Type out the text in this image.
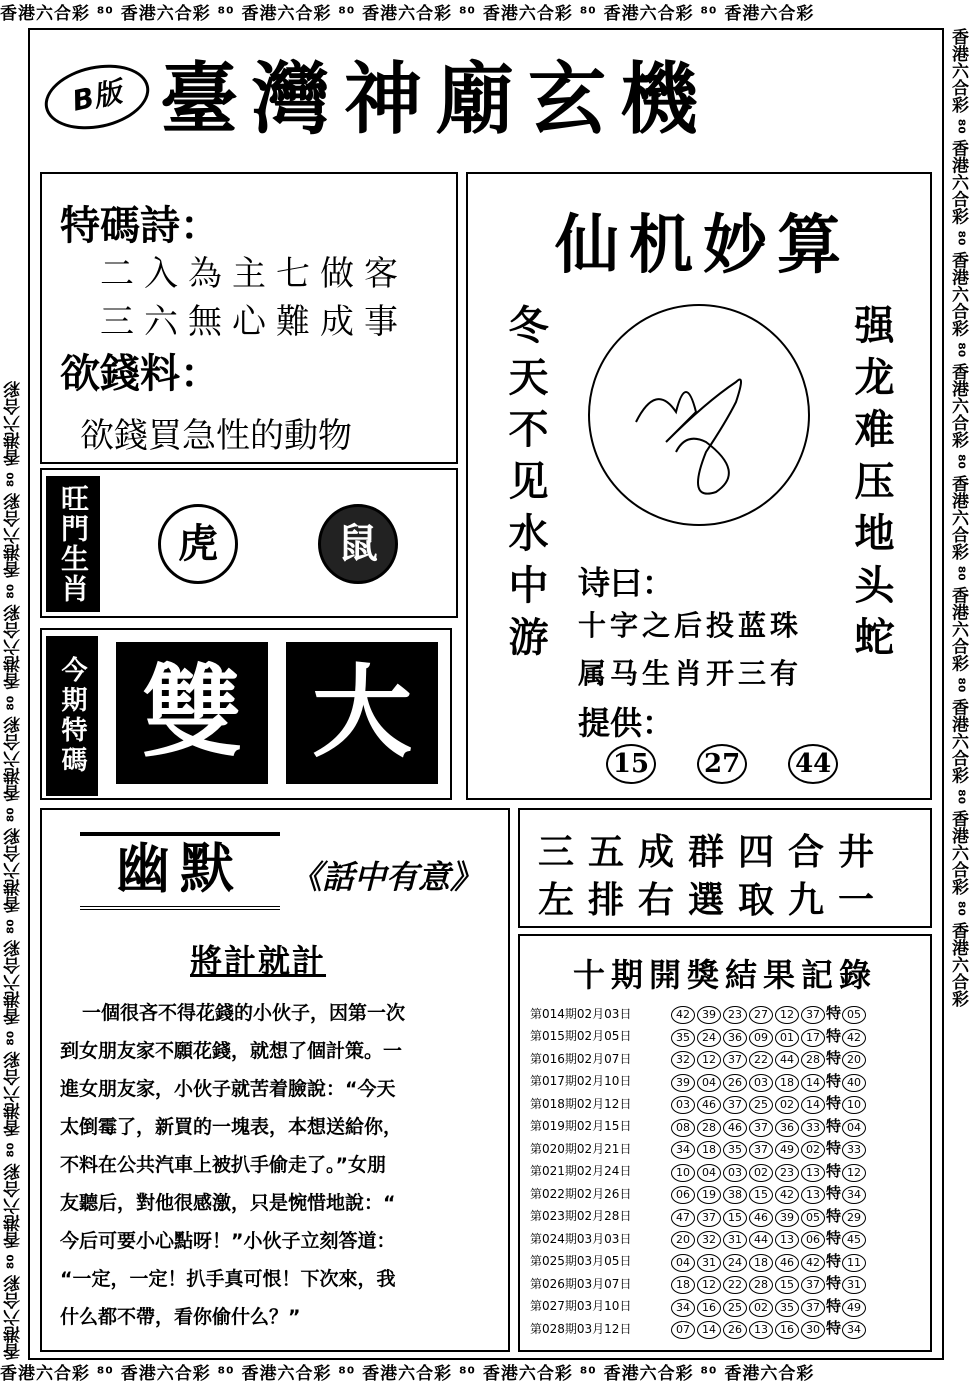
香港六合彩 ⁸⁰ 香港六合彩 ⁸⁰ 香港六合彩 ⁸⁰ 香港六合彩 ⁸⁰ 香港六合彩 ⁸⁰ 香港六合彩 ⁸⁰ 香港六合彩
香港六合彩 ⁸⁰ 香港六合彩 ⁸⁰ 香港六合彩 ⁸⁰ 香港六合彩 ⁸⁰ 香港六合彩 ⁸⁰ 香港六合彩 ⁸⁰ 香港六合彩
香港六合彩 ⁸⁰ 香港六合彩 ⁸⁰ 香港六合彩 ⁸⁰ 香港六合彩 ⁸⁰ 香港六合彩 ⁸⁰ 香港六合彩 ⁸⁰ 香港六合彩 ⁸⁰ 香港六合彩 ⁸⁰ 香港六合彩	香港六合彩 ⁸⁰ 香港六合彩 ⁸⁰ 香港六合彩 ⁸⁰ 香港六合彩 ⁸⁰ 香港六合彩 ⁸⁰ 香港六合彩 ⁸⁰ 香港六合彩 ⁸⁰ 香港六合彩 ⁸⁰ 香港六合彩
B版 臺灣神廟玄機
特碼詩：
二入為主七做客
三六無心難成事
欲錢料：
欲錢買急性的動物
旺門生肖	虎	鼠
今期特碼 雙 大
仙机妙算
冬天不见水中游	强龙难压地头蛇
诗曰：
十字之后投蓝珠
属马生肖开三有
提供：
15 27 44
三五成群四合井
左排右選取九一
幽默	《話中有意》
將計就計
一個很吝不得花錢的小伙子，因第一次
到女朋友家不願花錢，就想了個計策。一
進女朋友家，小伙子就苦着臉說：“今天
太倒霉了，新買的一塊表，本想送給你，
不料在公共汽車上被扒手偷走了。”女朋
友聽后，對他很感激，只是惋惜地說：“
今后可要小心點呀！”小伙子立刻答道：
“一定，一定！扒手真可恨！下次來，我
什么都不帶，看你偷什么？”
十期開獎結果記錄
第014期02月03日	42 39 23 27 12 37 特 05
第015期02月05日	35 24 36 09 01 17 特 42
第016期02月07日	32 12 37 22 44 28 特 20
第017期02月10日	39 04 26 03 18 14 特 40
第018期02月12日	03 46 37 25 02 14 特 10
第019期02月15日	08 28 46 37 36 33 特 04
第020期02月21日	34 18 35 37 49 02 特 33
第021期02月24日	10 04 03 02 23 13 特 12
第022期02月26日	06 19 38 15 42 13 特 34
第023期02月28日	47 37 15 46 39 05 特 29
第024期03月03日	20 32 31 44 13 06 特 45
第025期03月05日	04 31 24 18 46 42 特 11
第026期03月07日	18 12 22 28 15 37 特 31
第027期03月10日	34 16 25 02 35 37 特 49
第028期03月12日	07 14 26 13 16 30 特 34
